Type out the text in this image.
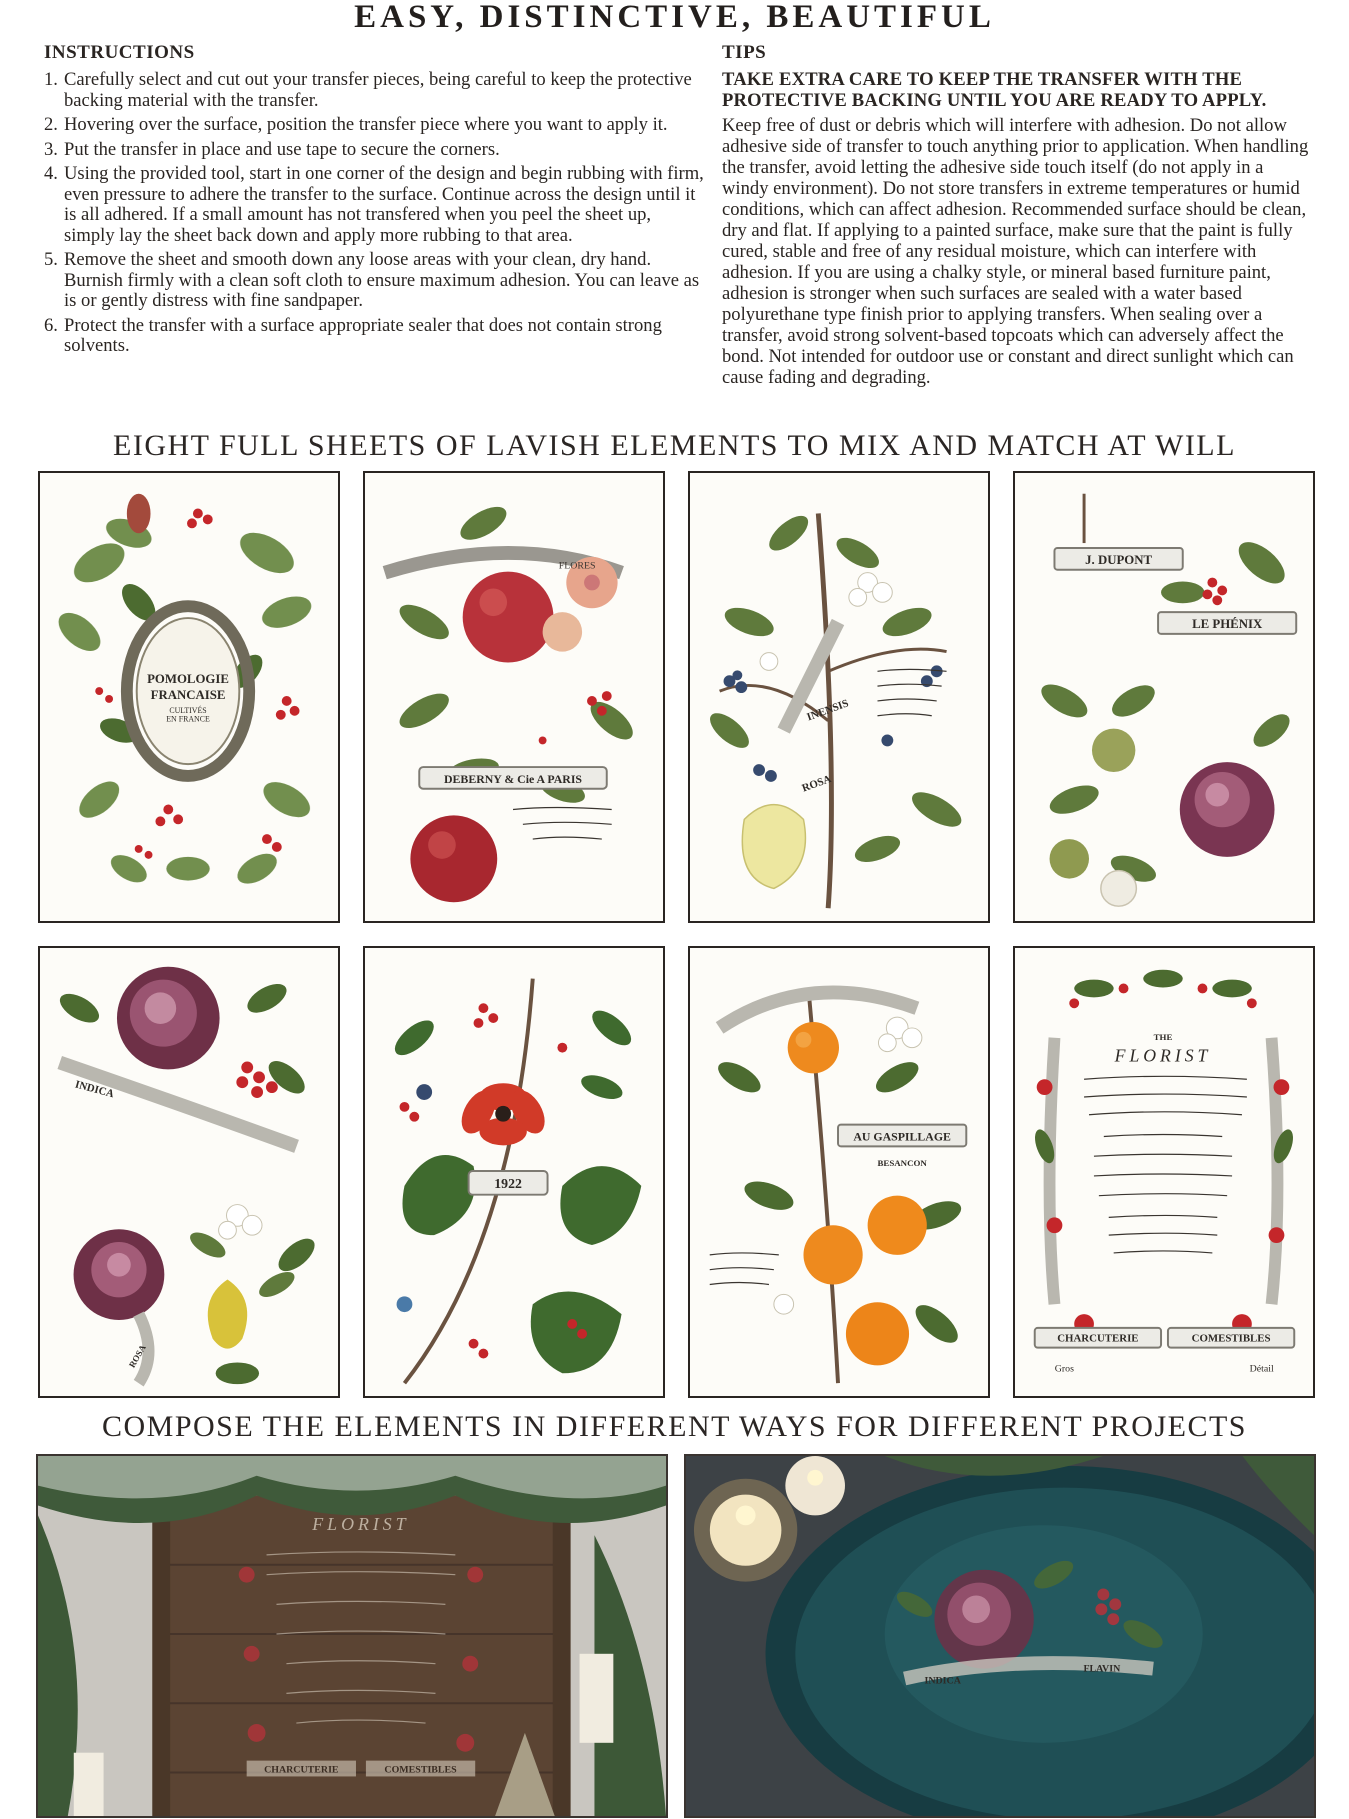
EASY, DISTINCTIVE, BEAUTIFUL
INSTRUCTIONS
1. Carefully select and cut out your transfer pieces, being careful to keep the protective backing material with the transfer.
2. Hovering over the surface, position the transfer piece where you want to apply it.
3. Put the transfer in place and use tape to secure the corners.
4. Using the provided tool, start in one corner of the design and begin rubbing with firm, even pressure to adhere the transfer to the surface. Continue across the design until it is all adhered. If a small amount has not transfered when you peel the sheet up, simply lay the sheet back down and apply more rubbing to that area.
5. Remove the sheet and smooth down any loose areas with your clean, dry hand. Burnish firmly with a clean soft cloth to ensure maximum adhesion. You can leave as is or gently distress with fine sandpaper.
6. Protect the transfer with a surface appropriate sealer that does not contain strong solvents.
TIPS
TAKE EXTRA CARE TO KEEP THE TRANSFER WITH THE PROTECTIVE BACKING UNTIL YOU ARE READY TO APPLY.
Keep free of dust or debris which will interfere with adhesion. Do not allow adhesive side of transfer to touch anything prior to application. When handling the transfer, avoid letting the adhesive side touch itself (do not apply in a windy environment). Do not store transfers in extreme temperatures or humid conditions, which can affect adhesion. Recommended surface should be clean, dry and flat. If applying to a painted surface, make sure that the paint is fully cured, stable and free of any residual moisture, which can interfere with adhesion. If you are using a chalky style, or mineral based furniture paint, adhesion is stronger when such surfaces are sealed with a water based polyurethane type finish prior to applying transfers. When sealing over a transfer, avoid strong solvent-based topcoats which can adversely affect the bond. Not intended for outdoor use or constant and direct sunlight which can cause fading and degrading.
EIGHT FULL SHEETS OF LAVISH ELEMENTS TO MIX AND MATCH AT WILL
POMOLOGIE
FRANCAISE
CULTIVÉS
EN FRANCE
DEBERNY & Cie A PARIS
FLORES
INENSIS
ROSA
J. DUPONT
LE PHÉNIX
INDICA
ROSA
1922
AU GASPILLAGE
BESANCON
THE
FLORIST
CHARCUTERIE	COMESTIBLES
Gros	Détail
COMPOSE THE ELEMENTS IN DIFFERENT WAYS FOR DIFFERENT PROJECTS
FLORIST
CHARCUTERIE	COMESTIBLES
INDICA
FLAVIN
